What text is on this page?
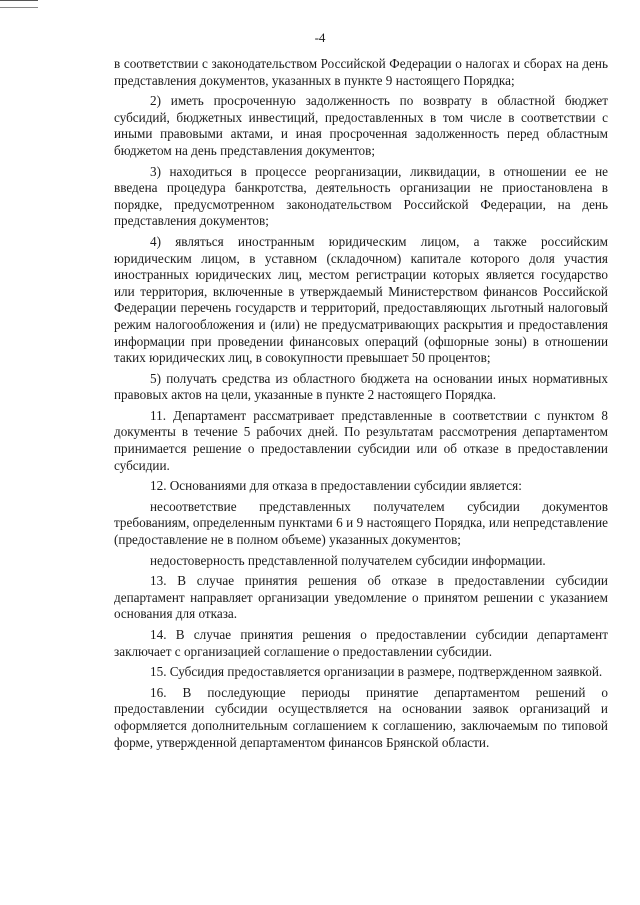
-4

в соответствии с законодательством Российской Федерации о налогах и сборах на день представления документов, указанных в пункте 9 настоящего Порядка;

2) иметь просроченную задолженность по возврату в областной бюджет субсидий, бюджетных инвестиций, предоставленных в том числе в соответствии с иными правовыми актами, и иная просроченная задолженность перед областным бюджетом на день представления документов;

3) находиться в процессе реорганизации, ликвидации, в отношении ее не введена процедура банкротства, деятельность организации не приостановлена в порядке, предусмотренном законодательством Российской Федерации, на день представления документов;

4) являться иностранным юридическим лицом, а также российским юридическим лицом, в уставном (складочном) капитале которого доля участия иностранных юридических лиц, местом регистрации которых является государство или территория, включенные в утверждаемый Министерством финансов Российской Федерации перечень государств и территорий, предоставляющих льготный налоговый режим налогообложения и (или) не предусматривающих раскрытия и предоставления информации при проведении финансовых операций (офшорные зоны) в отношении таких юридических лиц, в совокупности превышает 50 процентов;

5) получать средства из областного бюджета на основании иных нормативных правовых актов на цели, указанные в пункте 2 настоящего Порядка.

11. Департамент рассматривает представленные в соответствии с пунктом 8 документы в течение 5 рабочих дней. По результатам рассмотрения департаментом принимается решение о предоставлении субсидии или об отказе в предоставлении субсидии.

12. Основаниями для отказа в предоставлении субсидии является:

несоответствие представленных получателем субсидии документов требованиям, определенным пунктами 6 и 9 настоящего Порядка, или непредставление (предоставление не в полном объеме) указанных документов;

недостоверность представленной получателем субсидии информации.

13. В случае принятия решения об отказе в предоставлении субсидии департамент направляет организации уведомление о принятом решении с указанием основания для отказа.

14. В случае принятия решения о предоставлении субсидии департамент заключает с организацией соглашение о предоставлении субсидии.

15. Субсидия предоставляется организации в размере, подтвержденном заявкой.

16. В последующие периоды принятие департаментом решений о предоставлении субсидии осуществляется на основании заявок организаций и оформляется дополнительным соглашением к соглашению, заключаемым по типовой форме, утвержденной департаментом финансов Брянской области.
